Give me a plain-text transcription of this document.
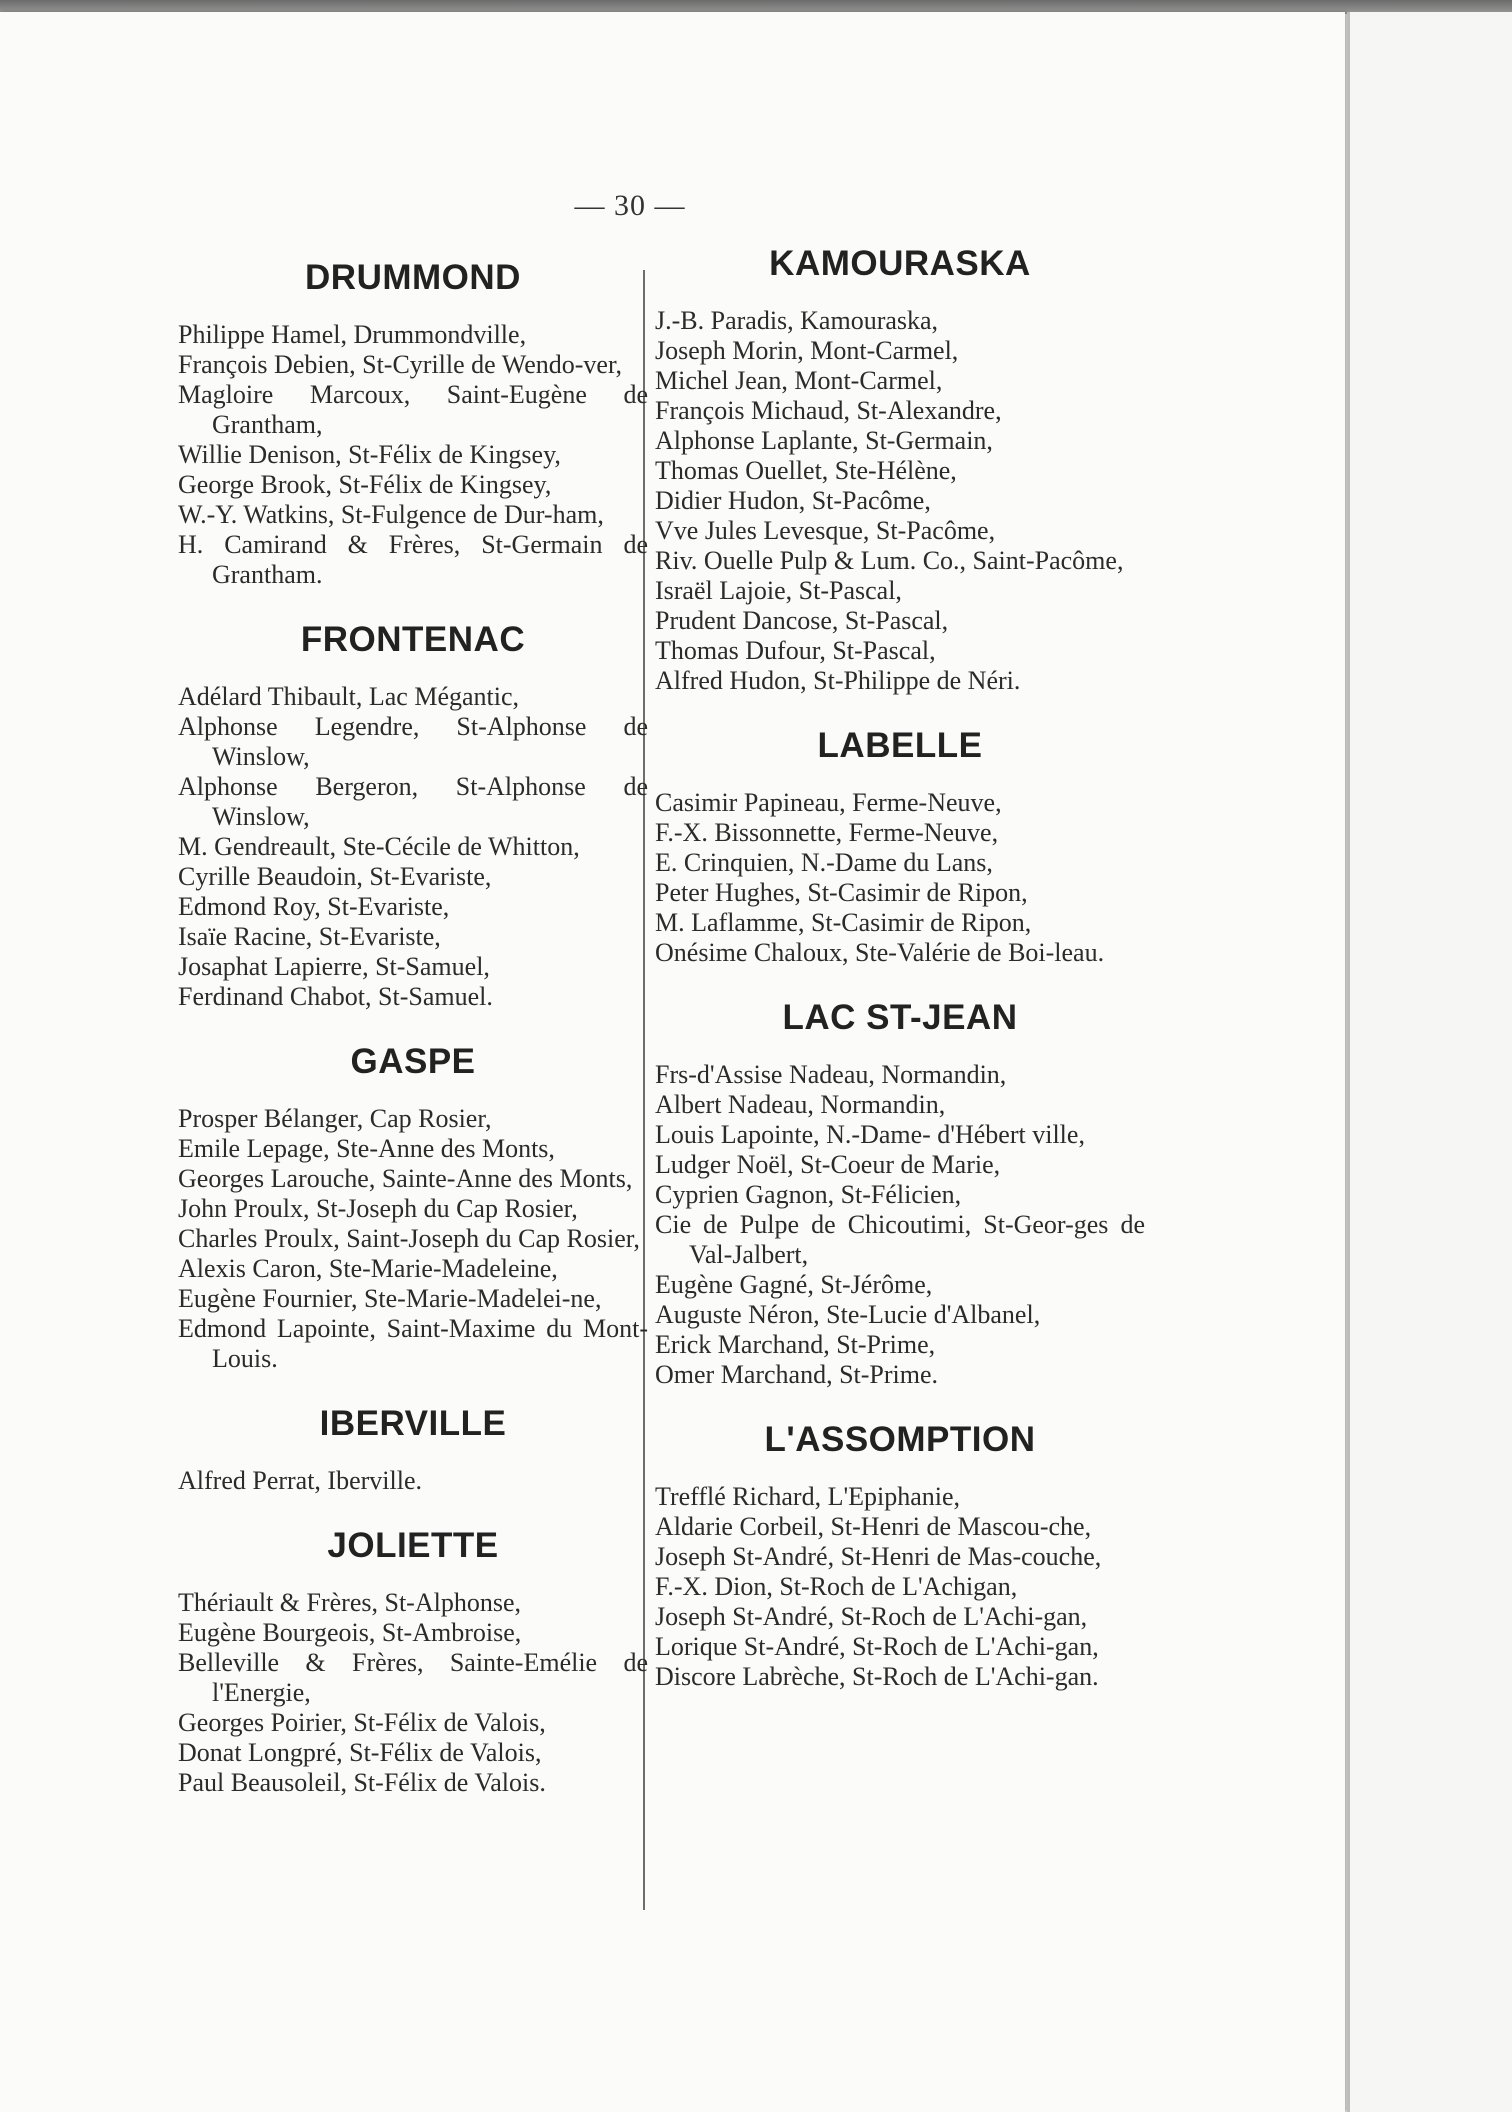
— 30 —
DRUMMOND
Philippe Hamel, Drummondville,
François Debien, St-Cyrille de Wendo-ver,
Magloire Marcoux, Saint-Eugène de Grantham,
Willie Denison, St-Félix de Kingsey,
George Brook, St-Félix de Kingsey,
W.-Y. Watkins, St-Fulgence de Dur-ham,
H. Camirand & Frères, St-Germain de Grantham.
FRONTENAC
Adélard Thibault, Lac Mégantic,
Alphonse Legendre, St-Alphonse de Winslow,
Alphonse Bergeron, St-Alphonse de Winslow,
M. Gendreault, Ste-Cécile de Whitton,
Cyrille Beaudoin, St-Evariste,
Edmond Roy, St-Evariste,
Isaïe Racine, St-Evariste,
Josaphat Lapierre, St-Samuel,
Ferdinand Chabot, St-Samuel.
GASPE
Prosper Bélanger, Cap Rosier,
Emile Lepage, Ste-Anne des Monts,
Georges Larouche, Sainte-Anne des Monts,
John Proulx, St-Joseph du Cap Rosier,
Charles Proulx, Saint-Joseph du Cap Rosier,
Alexis Caron, Ste-Marie-Madeleine,
Eugène Fournier, Ste-Marie-Madelei-ne,
Edmond Lapointe, Saint-Maxime du Mont-Louis.
IBERVILLE
Alfred Perrat, Iberville.
JOLIETTE
Thériault & Frères, St-Alphonse,
Eugène Bourgeois, St-Ambroise,
Belleville & Frères, Sainte-Emélie de l'Energie,
Georges Poirier, St-Félix de Valois,
Donat Longpré, St-Félix de Valois,
Paul Beausoleil, St-Félix de Valois.
KAMOURASKA
J.-B. Paradis, Kamouraska,
Joseph Morin, Mont-Carmel,
Michel Jean, Mont-Carmel,
François Michaud, St-Alexandre,
Alphonse Laplante, St-Germain,
Thomas Ouellet, Ste-Hélène,
Didier Hudon, St-Pacôme,
Vve Jules Levesque, St-Pacôme,
Riv. Ouelle Pulp & Lum. Co., Saint-Pacôme,
Israël Lajoie, St-Pascal,
Prudent Dancose, St-Pascal,
Thomas Dufour, St-Pascal,
Alfred Hudon, St-Philippe de Néri.
LABELLE
Casimir Papineau, Ferme-Neuve,
F.-X. Bissonnette, Ferme-Neuve,
E. Crinquien, N.-Dame du Lans,
Peter Hughes, St-Casimir de Ripon,
M. Laflamme, St-Casimir de Ripon,
Onésime Chaloux, Ste-Valérie de Boi-leau.
LAC ST-JEAN
Frs-d'Assise Nadeau, Normandin,
Albert Nadeau, Normandin,
Louis Lapointe, N.-Dame- d'Hébert ville,
Ludger Noël, St-Coeur de Marie,
Cyprien Gagnon, St-Félicien,
Cie de Pulpe de Chicoutimi, St-Geor-ges de Val-Jalbert,
Eugène Gagné, St-Jérôme,
Auguste Néron, Ste-Lucie d'Albanel,
Erick Marchand, St-Prime,
Omer Marchand, St-Prime.
L'ASSOMPTION
Trefflé Richard, L'Epiphanie,
Aldarie Corbeil, St-Henri de Mascou-che,
Joseph St-André, St-Henri de Mas-couche,
F.-X. Dion, St-Roch de L'Achigan,
Joseph St-André, St-Roch de L'Achi-gan,
Lorique St-André, St-Roch de L'Achi-gan,
Discore Labrèche, St-Roch de L'Achi-gan.
